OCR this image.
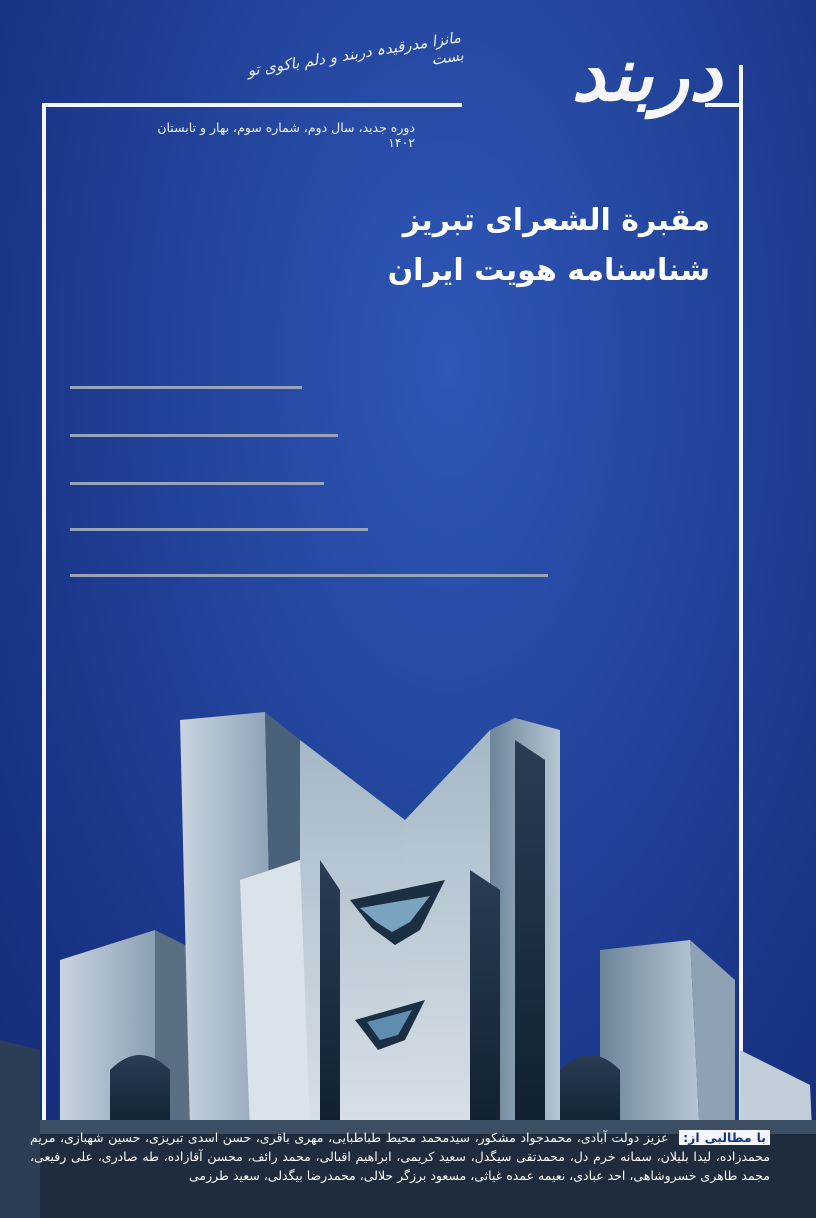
دربند
مانزا مدرقیدہ دربند و دلم باکوی تو بست
دوره جدید، سال دوم، شماره سوم، بهار و تابستان ۱۴۰۲
مقبرة الشعرای تبریز
شناسنامه هویت ایران
با مطالبی از: عزیز دولت آبادی، محمدجواد مشکور، سیدمحمد محیط طباطبایی، مهری باقری، حسن اسدی تبریزی، حسین شهبازی، مریم محمدزاده، لیدا بلیلان، سمانه خرم دل، محمدتقی سیگدل، سعید کریمی، ابراهیم اقبالی، محمد رائف، محسن آقازاده، طه صادری، علی رفیعی، مجمد طاهری خسروشاهی، احد عبادی، نعیمه عمده غیاثی، مسعود برزگر حلالی، محمدرضا بیگدلی، سعید طرزمی
